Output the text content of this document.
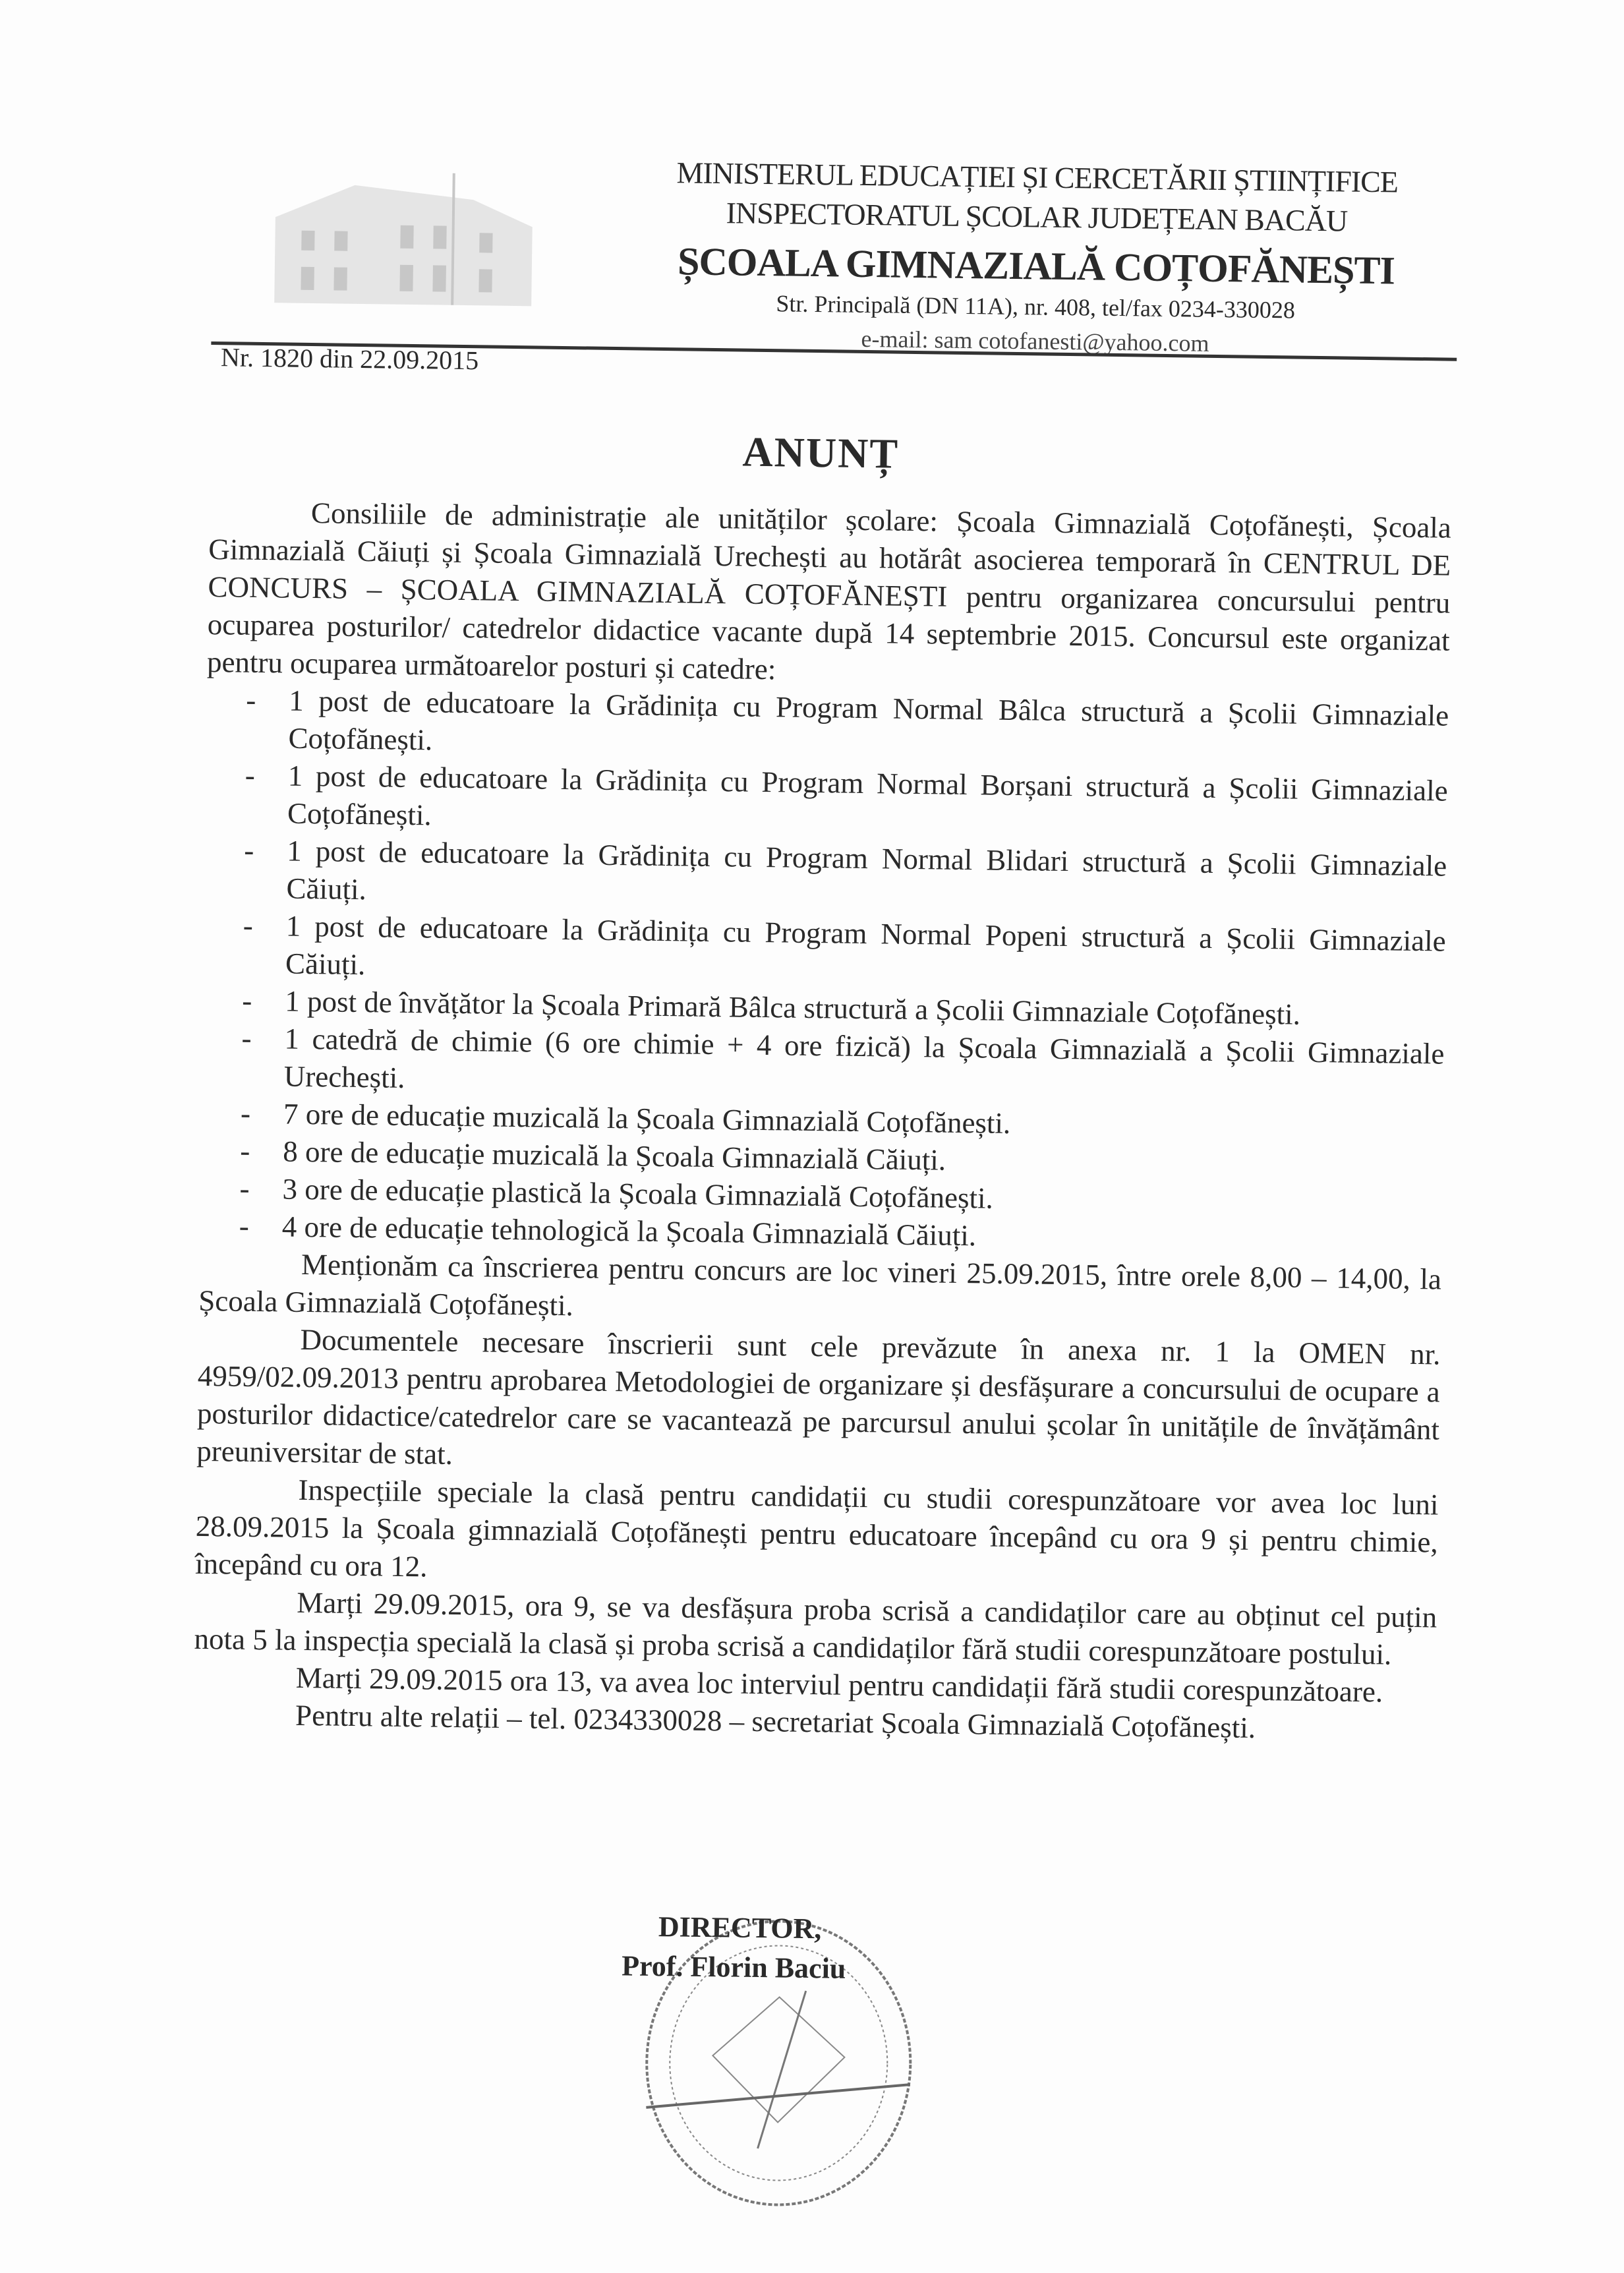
MINISTERUL EDUCAȚIEI ȘI CERCETĂRII ȘTIINȚIFICE
INSPECTORATUL ȘCOLAR JUDEȚEAN BACĂU
ȘCOALA GIMNAZIALĂ COȚOFĂNEȘTI
Str. Principală (DN 11A), nr. 408, tel/fax 0234-330028
e-mail: sam cotofanesti@yahoo.com
Nr. 1820 din 22.09.2015
ANUNȚ

Consiliile de administrație ale unităților școlare: Școala Gimnazială Coțofănești, Școala Gimnazială Căiuți și Școala Gimnazială Urechești au hotărât asocierea temporară în CENTRUL DE CONCURS – ȘCOALA GIMNAZIALĂ COȚOFĂNEȘTI pentru organizarea concursului pentru ocuparea posturilor/ catedrelor didactice vacante după 14 septembrie 2015. Concursul este organizat pentru ocuparea următoarelor posturi și catedre:

- 1 post de educatoare la Grădinița cu Program Normal Bâlca structură a Școlii Gimnaziale Coțofănești.
- 1 post de educatoare la Grădinița cu Program Normal Borșani structură a Școlii Gimnaziale Coțofănești.
- 1 post de educatoare la Grădinița cu Program Normal Blidari structură a Școlii Gimnaziale Căiuți.
- 1 post de educatoare la Grădinița cu Program Normal Popeni structură a Școlii Gimnaziale Căiuți.
- 1 post de învățător la Școala Primară Bâlca structură a Școlii Gimnaziale Coțofănești.
- 1 catedră de chimie (6 ore chimie + 4 ore fizică) la Școala Gimnazială a Școlii Gimnaziale Urechești.
- 7 ore de educație muzicală la Școala Gimnazială Coțofănești.
- 8 ore de educație muzicală la Școala Gimnazială Căiuți.
- 3 ore de educație plastică la Școala Gimnazială Coțofănești.
- 4 ore de educație tehnologică la Școala Gimnazială Căiuți.

Menționăm ca înscrierea pentru concurs are loc vineri 25.09.2015, între orele 8,00 – 14,00, la Școala Gimnazială Coțofănești.

Documentele necesare înscrierii sunt cele prevăzute în anexa nr. 1 la OMEN nr. 4959/02.09.2013 pentru aprobarea Metodologiei de organizare și desfășurare a concursului de ocupare a posturilor didactice/catedrelor care se vacantează pe parcursul anului școlar în unitățile de învățământ preuniversitar de stat.

Inspecțiile speciale la clasă pentru candidații cu studii corespunzătoare vor avea loc luni 28.09.2015 la Școala gimnazială Coțofănești pentru educatoare începând cu ora 9 și pentru chimie, începând cu ora 12.

Marți 29.09.2015, ora 9, se va desfășura proba scrisă a candidaților care au obținut cel puțin nota 5 la inspecția specială la clasă și proba scrisă a candidaților fără studii corespunzătoare postului.

Marți 29.09.2015 ora 13, va avea loc interviul pentru candidații fără studii corespunzătoare.

Pentru alte relații – tel. 0234330028 – secretariat Școala Gimnazială Coțofănești.

DIRECTOR,
Prof. Florin Baciu
